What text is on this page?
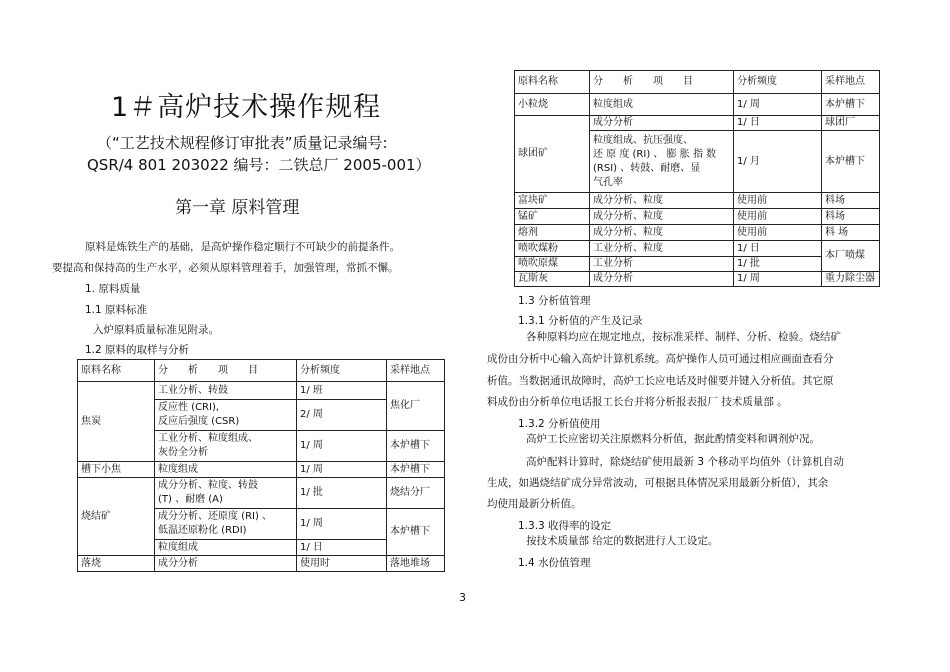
1＃高炉技术操作规程
（“工艺技术规程修订审批表”质量记录编号:
QSR/4 801 203022 编号：二铁总厂 2005-001）
第一章 原料管理
原料是炼铁生产的基础，是高炉操作稳定顺行不可缺少的前提条件。
要提高和保持高的生产水平，必须从原料管理着手，加强管理，常抓不懈。
1. 原料质量
1.1 原料标准
入炉原料质量标准见附录。
1.2 原料的取样与分析
原料名称	分　　析　　项　　目	分析频度	采样地点
焦炭	工业分析、转鼓	1/ 班	焦化厂

	反应性 (CRI),
反应后强度 (CSR)	2/ 周	

	工业分析、粒度组成、
灰份全分析	1/ 周	本炉槽下
槽下小焦	粒度组成	1/ 周	本炉槽下
烧结矿	成分分析、粒度、转鼓
(T) 、耐磨 (A)	1/ 批	烧结分厂

	成分分析、还原度 (RI) 、
低温还原粉化 (RDI)	1/ 周	本炉槽下
	粒度组成	1/ 日	
落烧	成分分析	使用时	落地堆场
原料名称	分　　析　　项　　目	分析频度	采样地点
小粒烧	粒度组成	1/ 周	本炉槽下
球团矿	成分分析	1/ 日	球团厂

	粒度组成、抗压强度、
还 原 度 (RI) 、 膨 胀 指 数
(RSI) 、转鼓、耐磨、显
气孔率	1/ 月	本炉槽下
富块矿	成分分析、粒度	使用前	料场
锰矿	成分分析、粒度	使用前	料场
熔剂	成分分析、粒度	使用前	料 场
喷吹煤粉	工业分析、粒度	1/ 日	本厂喷煤
喷吹原煤	工业分析	1/ 批	
瓦斯灰	成分分析	1/ 周	重力除尘器
1.3 分析值管理
1.3.1 分析值的产生及记录
各种原料均应在规定地点，按标准采样、制样、分析、检验。烧结矿
成份由分析中心输入高炉计算机系统。高炉操作人员可通过相应画面查看分
析值。当数据通讯故障时，高炉工长应电话及时催要并键入分析值。其它原
料成份由分析单位电话报工长台并将分析报表报厂 技术质量部 。
1.3.2 分析值使用
高炉工长应密切关注原燃料分析值，据此酌情变料和调剂炉况。
高炉配料计算时，除烧结矿使用最新 3 个移动平均值外（计算机自动
生成，如遇烧结矿成分异常波动，可根据具体情况采用最新分析值），其余
均使用最新分析值。
1.3.3 收得率的设定
按技术质量部 给定的数据进行人工设定。
1.4 水份值管理
3
